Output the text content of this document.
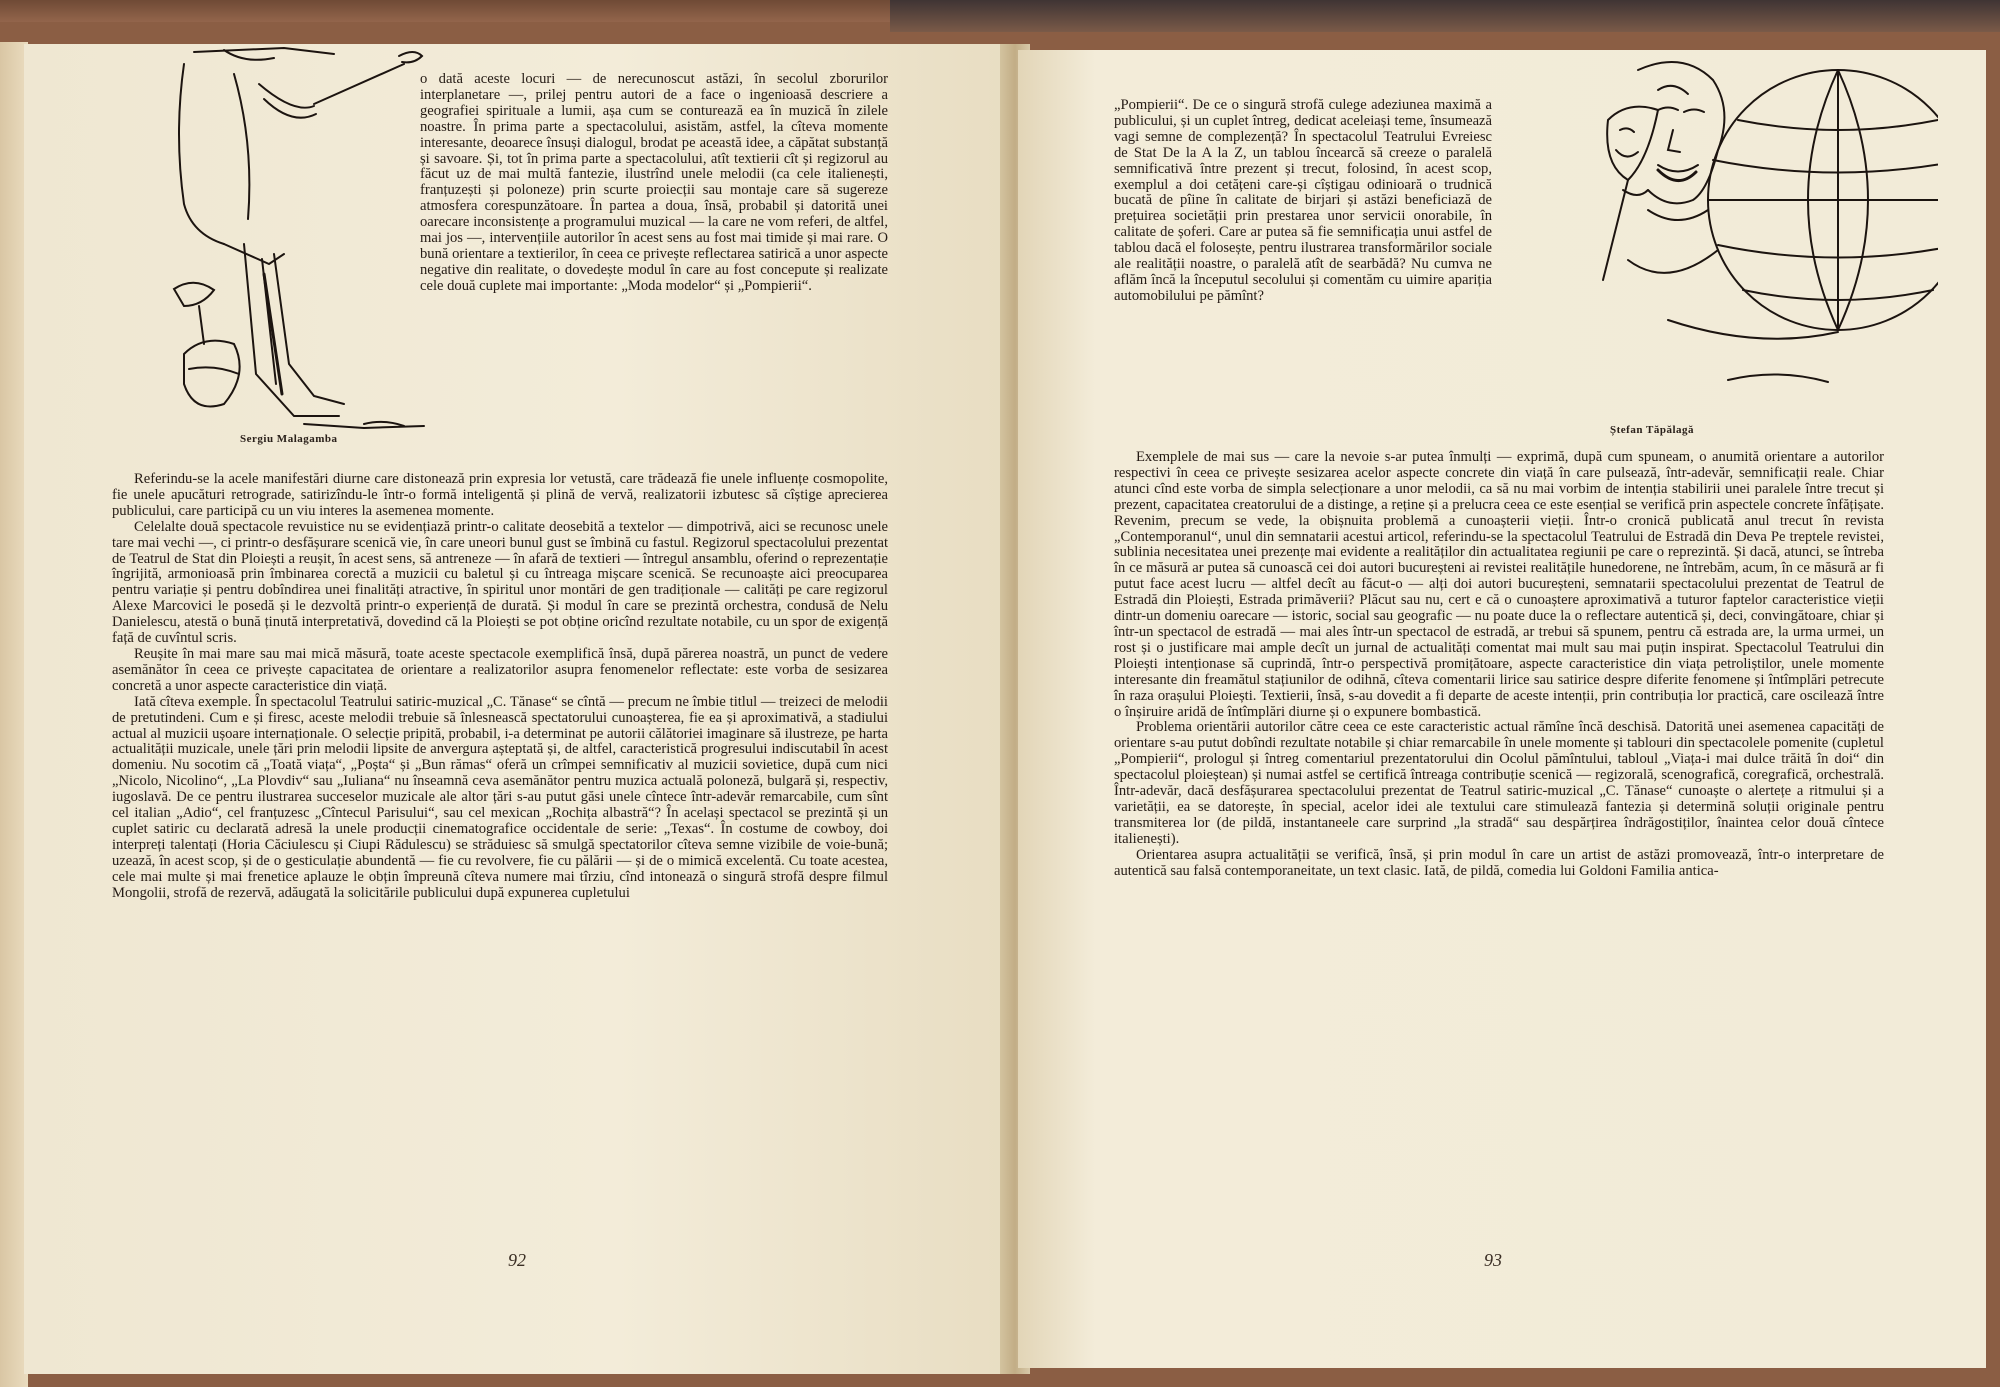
Sergiu Malagamba

o dată aceste locuri — de nerecunoscut astăzi, în secolul zborurilor interplanetare —, prilej pentru autori de a face o ingenioasă descriere a geografiei spirituale a lumii, așa cum se conturează ea în muzică în zilele noastre. În prima parte a spectacolului, asistăm, astfel, la cîteva momente interesante, deoarece însuși dialogul, brodat pe această idee, a căpătat substanță și savoare. Și, tot în prima parte a spectacolului, atît textierii cît și regizorul au făcut uz de mai multă fantezie, ilustrînd unele melodii (ca cele italienești, franțuzești și poloneze) prin scurte proiecții sau montaje care să sugereze atmosfera corespunzătoare. În partea a doua, însă, probabil și datorită unei oarecare inconsistențe a programului muzical — la care ne vom referi, de altfel, mai jos —, intervențiile autorilor în acest sens au fost mai timide și mai rare. O bună orientare a textierilor, în ceea ce privește reflectarea satirică a unor aspecte negative din realitate, o dovedește modul în care au fost concepute și realizate cele două cuplete mai importante: „Moda modelor“ și „Pompierii“.

Referindu-se la acele manifestări diurne care distonează prin expresia lor vetustă, care trădează fie unele influențe cosmopolite, fie unele apucături retrograde, satirizîndu-le într-o formă inteligentă și plină de vervă, realizatorii izbutesc să cîștige aprecierea publicului, care participă cu un viu interes la asemenea momente.

Celelalte două spectacole revuistice nu se evidențiază printr-o calitate deosebită a textelor — dimpotrivă, aici se recunosc unele tare mai vechi —, ci printr-o desfășurare scenică vie, în care uneori bunul gust se îmbină cu fastul. Regizorul spectacolului prezentat de Teatrul de Stat din Ploiești a reușit, în acest sens, să antreneze — în afară de textieri — întregul ansamblu, oferind o reprezentație îngrijită, armonioasă prin îmbinarea corectă a muzicii cu baletul și cu întreaga mișcare scenică. Se recunoaște aici preocuparea pentru variație și pentru dobîndirea unei finalități atractive, în spiritul unor montări de gen tradiționale — calități pe care regizorul Alexe Marcovici le posedă și le dezvoltă printr-o experiență de durată. Și modul în care se prezintă orchestra, condusă de Nelu Danielescu, atestă o bună ținută interpretativă, dovedind că la Ploiești se pot obține oricînd rezultate notabile, cu un spor de exigență față de cuvîntul scris.

Reușite în mai mare sau mai mică măsură, toate aceste spectacole exemplifică însă, după părerea noastră, un punct de vedere asemănător în ceea ce privește capacitatea de orientare a realizatorilor asupra fenomenelor reflectate: este vorba de sesizarea concretă a unor aspecte caracteristice din viață.

Iată cîteva exemple. În spectacolul Teatrului satiric-muzical „C. Tănase“ se cîntă — precum ne îmbie titlul — treizeci de melodii de pretutindeni. Cum e și firesc, aceste melodii trebuie să înlesnească spectatorului cunoașterea, fie ea și aproximativă, a stadiului actual al muzicii ușoare internaționale. O selecție pripită, probabil, i-a determinat pe autorii călătoriei imaginare să ilustreze, pe harta actualității muzicale, unele țări prin melodii lipsite de anvergura așteptată și, de altfel, caracteristică progresului indiscutabil în acest domeniu. Nu socotim că „Toată viața“, „Poșta“ și „Bun rămas“ oferă un crîmpei semnificativ al muzicii sovietice, după cum nici „Nicolo, Nicolino“, „La Plovdiv“ sau „Iuliana“ nu înseamnă ceva asemănător pentru muzica actuală poloneză, bulgară și, respectiv, iugoslavă. De ce pentru ilustrarea succeselor muzicale ale altor țări s-au putut găsi unele cîntece într-adevăr remarcabile, cum sînt cel italian „Adio“, cel franțuzesc „Cîntecul Parisului“, sau cel mexican „Rochița albastră“? În același spectacol se prezintă și un cuplet satiric cu declarată adresă la unele producții cinematografice occidentale de serie: „Texas“. În costume de cowboy, doi interpreți talentați (Horia Căciulescu și Ciupi Rădulescu) se străduiesc să smulgă spectatorilor cîteva semne vizibile de voie-bună; uzează, în acest scop, și de o gesticulație abundentă — fie cu revolvere, fie cu pălării — și de o mimică excelentă. Cu toate acestea, cele mai multe și mai frenetice aplauze le obțin împreună cîteva numere mai tîrziu, cînd intonează o singură strofă despre filmul Mongolii, strofă de rezervă, adăugată la solicitările publicului după expunerea cupletului

92
Ștefan Tăpălagă

„Pompierii“. De ce o singură strofă culege adeziunea maximă a publicului, și un cuplet întreg, dedicat aceleiași teme, însumează vagi semne de complezență? În spectacolul Teatrului Evreiesc de Stat De la A la Z, un tablou încearcă să creeze o paralelă semnificativă între prezent și trecut, folosind, în acest scop, exemplul a doi cetățeni care-și cîștigau odinioară o trudnică bucată de pîine în calitate de birjari și astăzi beneficiază de prețuirea societății prin prestarea unor servicii onorabile, în calitate de șoferi. Care ar putea să fie semnificația unui astfel de tablou dacă el folosește, pentru ilustrarea transformărilor sociale ale realității noastre, o paralelă atît de searbădă? Nu cumva ne aflăm încă la începutul secolului și comentăm cu uimire apariția automobilului pe pămînt?

Exemplele de mai sus — care la nevoie s-ar putea înmulți — exprimă, după cum spuneam, o anumită orientare a autorilor respectivi în ceea ce privește sesizarea acelor aspecte concrete din viață în care pulsează, într-adevăr, semnificații reale. Chiar atunci cînd este vorba de simpla selecționare a unor melodii, ca să nu mai vorbim de intenția stabilirii unei paralele între trecut și prezent, capacitatea creatorului de a distinge, a reține și a prelucra ceea ce este esențial se verifică prin aspectele concrete înfățișate. Revenim, precum se vede, la obișnuita problemă a cunoașterii vieții. Într-o cronică publicată anul trecut în revista „Contemporanul“, unul din semnatarii acestui articol, referindu-se la spectacolul Teatrului de Estradă din Deva Pe treptele revistei, sublinia necesitatea unei prezențe mai evidente a realităților din actualitatea regiunii pe care o reprezintă. Și dacă, atunci, se întreba în ce măsură ar putea să cunoască cei doi autori bucureșteni ai revistei realitățile hunedorene, ne întrebăm, acum, în ce măsură ar fi putut face acest lucru — altfel decît au făcut-o — alți doi autori bucureșteni, semnatarii spectacolului prezentat de Teatrul de Estradă din Ploiești, Estrada primăverii? Plăcut sau nu, cert e că o cunoaștere aproximativă a tuturor faptelor caracteristice vieții dintr-un domeniu oarecare — istoric, social sau geografic — nu poate duce la o reflectare autentică și, deci, convingătoare, chiar și într-un spectacol de estradă — mai ales într-un spectacol de estradă, ar trebui să spunem, pentru că estrada are, la urma urmei, un rost și o justificare mai ample decît un jurnal de actualități comentat mai mult sau mai puțin inspirat. Spectacolul Teatrului din Ploiești intenționase să cuprindă, într-o perspectivă promițătoare, aspecte caracteristice din viața petroliștilor, unele momente interesante din freamătul stațiunilor de odihnă, cîteva comentarii lirice sau satirice despre diferite fenomene și întîmplări petrecute în raza orașului Ploiești. Textierii, însă, s-au dovedit a fi departe de aceste intenții, prin contribuția lor practică, care oscilează între o înșiruire aridă de întîmplări diurne și o expunere bombastică.

Problema orientării autorilor către ceea ce este caracteristic actual rămîne încă deschisă. Datorită unei asemenea capacități de orientare s-au putut dobîndi rezultate notabile și chiar remarcabile în unele momente și tablouri din spectacolele pomenite (cupletul „Pompierii“, prologul și întreg comentariul prezentatorului din Ocolul pămîntului, tabloul „Viața-i mai dulce trăită în doi“ din spectacolul ploieștean) și numai astfel se certifică întreaga contribuție scenică — regizorală, scenografică, coregrafică, orchestrală. Într-adevăr, dacă desfășurarea spectacolului prezentat de Teatrul satiric-muzical „C. Tănase“ cunoaște o alertețe a ritmului și a varietății, ea se datorește, în special, acelor idei ale textului care stimulează fantezia și determină soluții originale pentru transmiterea lor (de pildă, instantaneele care surprind „la stradă“ sau despărțirea îndrăgostiților, înaintea celor două cîntece italienești).

Orientarea asupra actualității se verifică, însă, și prin modul în care un artist de astăzi promovează, într-o interpretare de autentică sau falsă contemporaneitate, un text clasic. Iată, de pildă, comedia lui Goldoni Familia antica-

93
